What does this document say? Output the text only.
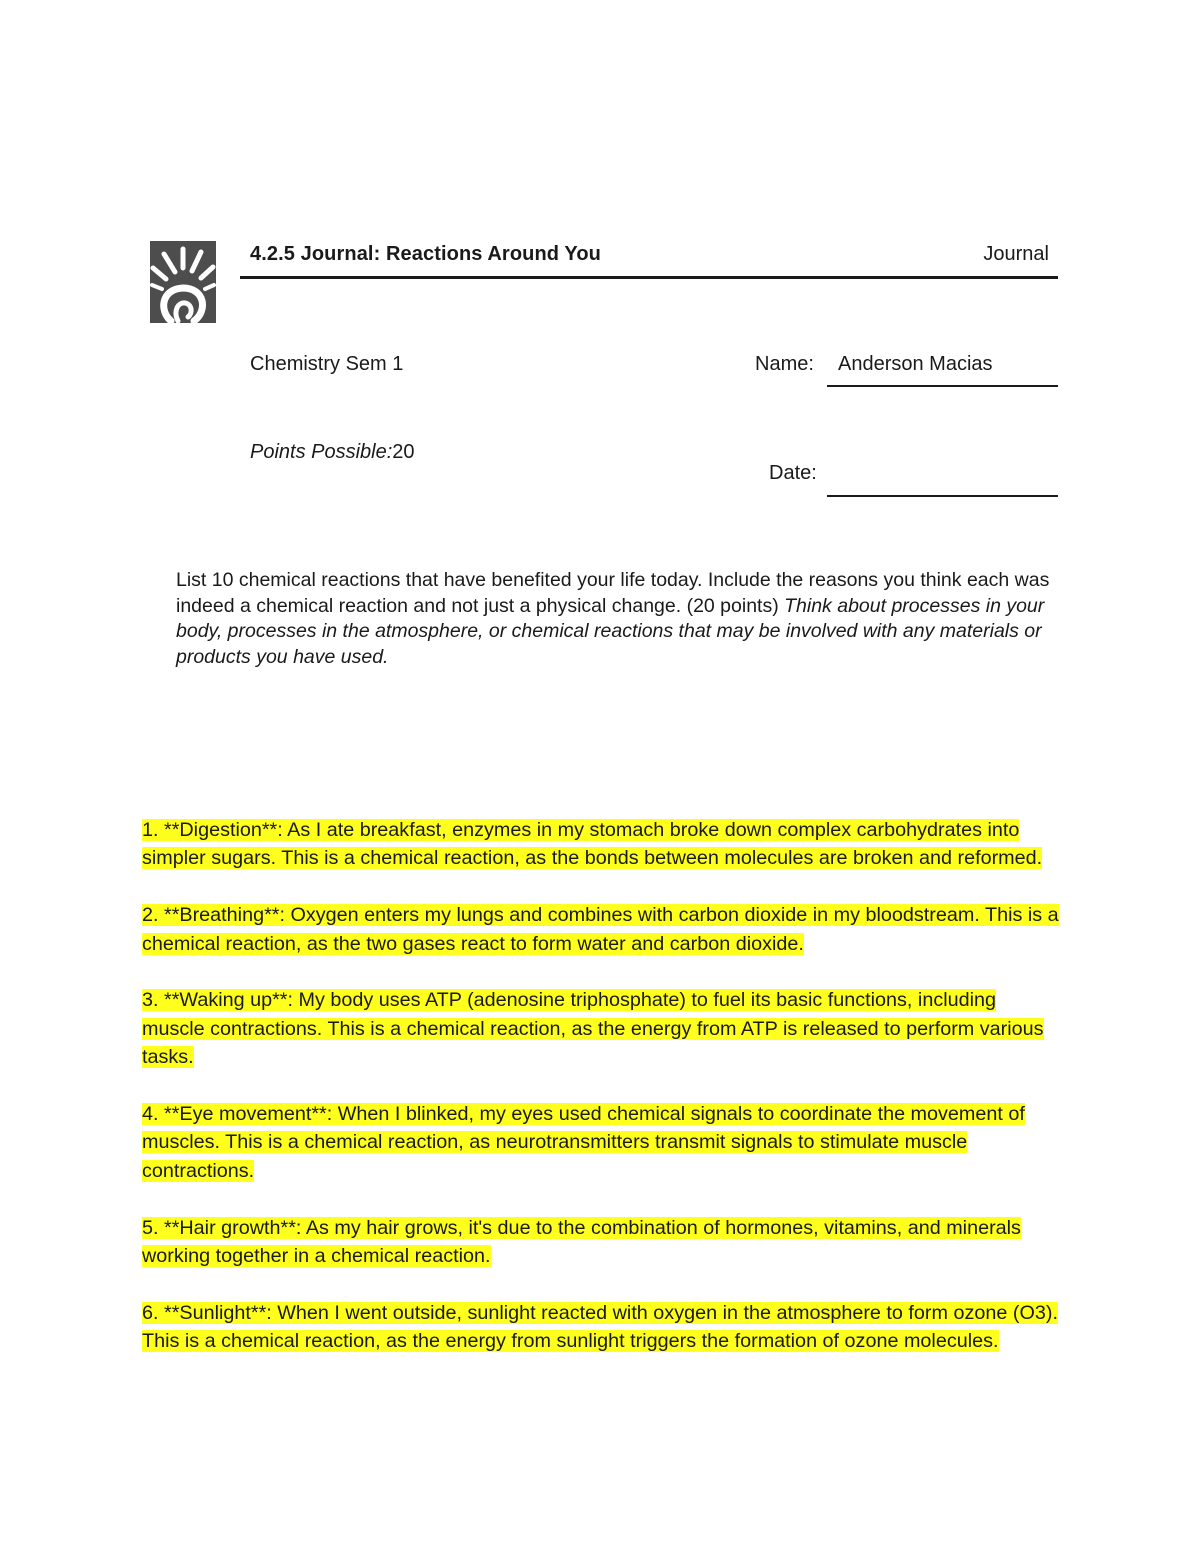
4.2.5 Journal: Reactions Around You	Journal
Chemistry Sem 1	Name: Anderson Macias
Points Possible:20
Date:
List 10 chemical reactions that have benefited your life today. Include the reasons you think each was indeed a chemical reaction and not just a physical change. (20 points) Think about processes in your body, processes in the atmosphere, or chemical reactions that may be involved with any materials or products you have used.

1. **Digestion**: As I ate breakfast, enzymes in my stomach broke down complex carbohydrates into simpler sugars. This is a chemical reaction, as the bonds between molecules are broken and reformed.

2. **Breathing**: Oxygen enters my lungs and combines with carbon dioxide in my bloodstream. This is a chemical reaction, as the two gases react to form water and carbon dioxide.

3. **Waking up**: My body uses ATP (adenosine triphosphate) to fuel its basic functions, including muscle contractions. This is a chemical reaction, as the energy from ATP is released to perform various tasks.

4. **Eye movement**: When I blinked, my eyes used chemical signals to coordinate the movement of muscles. This is a chemical reaction, as neurotransmitters transmit signals to stimulate muscle contractions.

5. **Hair growth**: As my hair grows, it's due to the combination of hormones, vitamins, and minerals working together in a chemical reaction.

6. **Sunlight**: When I went outside, sunlight reacted with oxygen in the atmosphere to form ozone (O3). This is a chemical reaction, as the energy from sunlight triggers the formation of ozone molecules.
